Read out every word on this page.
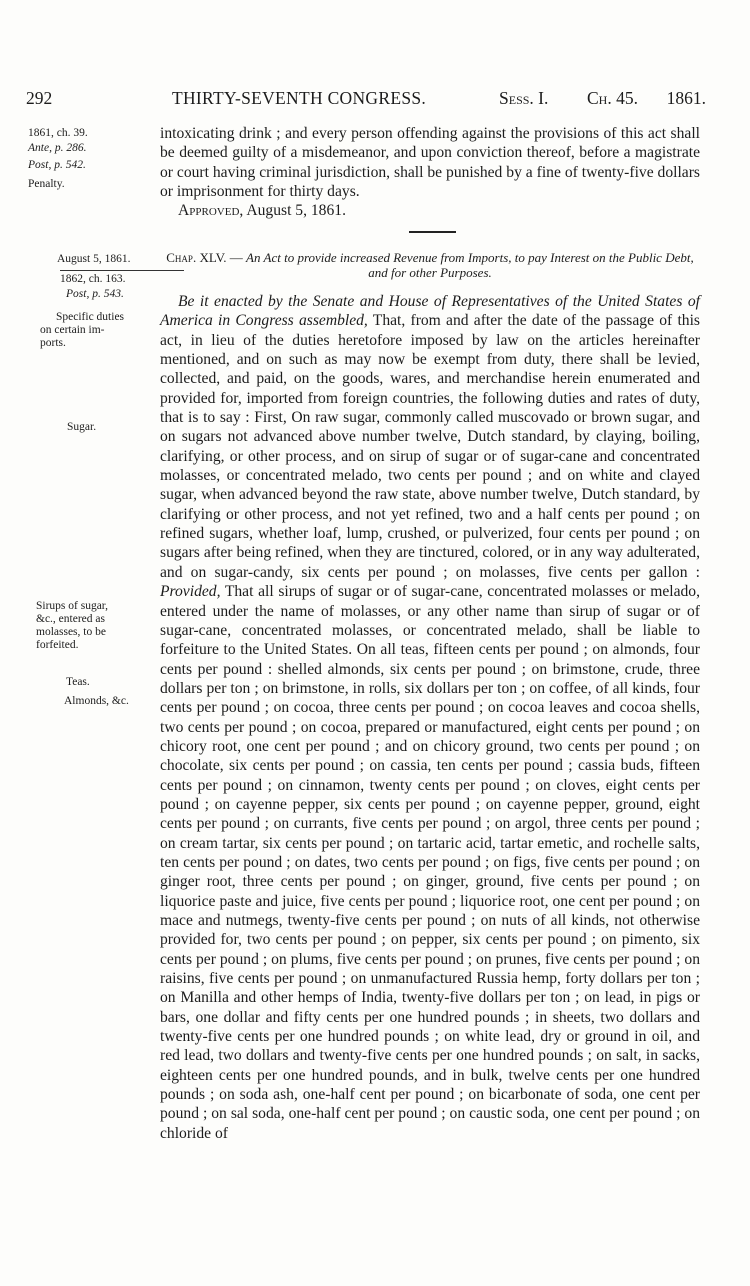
292	THIRTY-SEVENTH CONGRESS.	Sess. I. Ch. 45. 1861.
1861, ch. 39.
Ante, p. 286.
Post, p. 542.
Penalty.
August 5, 1861.
1862, ch. 163.
Post, p. 543.
Specific duties
on certain im-
ports.
Sugar.
Sirups of sugar,
&c., entered as
molasses, to be
forfeited.
Teas.
Almonds, &c.

intoxicating drink ; and every person offending against the provisions of this act shall be deemed guilty of a misdemeanor, and upon conviction thereof, before a magistrate or court having criminal jurisdiction, shall be punished by a fine of twenty-five dollars or imprisonment for thirty days.

Approved, August 5, 1861.
Chap. XLV. — An Act to provide increased Revenue from Imports, to pay Interest on the Public Debt, and for other Purposes.

Be it enacted by the Senate and House of Representatives of the United States of America in Congress assembled, That, from and after the date of the passage of this act, in lieu of the duties heretofore imposed by law on the articles hereinafter mentioned, and on such as may now be exempt from duty, there shall be levied, collected, and paid, on the goods, wares, and merchandise herein enumerated and provided for, imported from foreign countries, the following duties and rates of duty, that is to say : First, On raw sugar, commonly called muscovado or brown sugar, and on sugars not advanced above number twelve, Dutch standard, by claying, boiling, clarifying, or other process, and on sirup of sugar or of sugar-cane and concentrated molasses, or concentrated melado, two cents per pound ; and on white and clayed sugar, when advanced beyond the raw state, above number twelve, Dutch standard, by clarifying or other process, and not yet refined, two and a half cents per pound ; on refined sugars, whether loaf, lump, crushed, or pulverized, four cents per pound ; on sugars after being refined, when they are tinctured, colored, or in any way adulterated, and on sugar-candy, six cents per pound ; on molasses, five cents per gallon : Provided, That all sirups of sugar or of sugar-cane, concentrated molasses or melado, entered under the name of molasses, or any other name than sirup of sugar or of sugar-cane, concentrated molasses, or concentrated melado, shall be liable to forfeiture to the United States. On all teas, fifteen cents per pound ; on almonds, four cents per pound : shelled almonds, six cents per pound ; on brimstone, crude, three dollars per ton ; on brimstone, in rolls, six dollars per ton ; on coffee, of all kinds, four cents per pound ; on cocoa, three cents per pound ; on cocoa leaves and cocoa shells, two cents per pound ; on cocoa, prepared or manufactured, eight cents per pound ; on chicory root, one cent per pound ; and on chicory ground, two cents per pound ; on chocolate, six cents per pound ; on cassia, ten cents per pound ; cassia buds, fifteen cents per pound ; on cinnamon, twenty cents per pound ; on cloves, eight cents per pound ; on cayenne pepper, six cents per pound ; on cayenne pepper, ground, eight cents per pound ; on currants, five cents per pound ; on argol, three cents per pound ; on cream tartar, six cents per pound ; on tartaric acid, tartar emetic, and rochelle salts, ten cents per pound ; on dates, two cents per pound ; on figs, five cents per pound ; on ginger root, three cents per pound ; on ginger, ground, five cents per pound ; on liquorice paste and juice, five cents per pound ; liquorice root, one cent per pound ; on mace and nutmegs, twenty-five cents per pound ; on nuts of all kinds, not otherwise provided for, two cents per pound ; on pepper, six cents per pound ; on pimento, six cents per pound ; on plums, five cents per pound ; on prunes, five cents per pound ; on raisins, five cents per pound ; on unmanufactured Russia hemp, forty dollars per ton ; on Manilla and other hemps of India, twenty-five dollars per ton ; on lead, in pigs or bars, one dollar and fifty cents per one hundred pounds ; in sheets, two dollars and twenty-five cents per one hundred pounds ; on white lead, dry or ground in oil, and red lead, two dollars and twenty-five cents per one hundred pounds ; on salt, in sacks, eighteen cents per one hundred pounds, and in bulk, twelve cents per one hundred pounds ; on soda ash, one-half cent per pound ; on bicarbonate of soda, one cent per pound ; on sal soda, one-half cent per pound ; on caustic soda, one cent per pound ; on chloride of
